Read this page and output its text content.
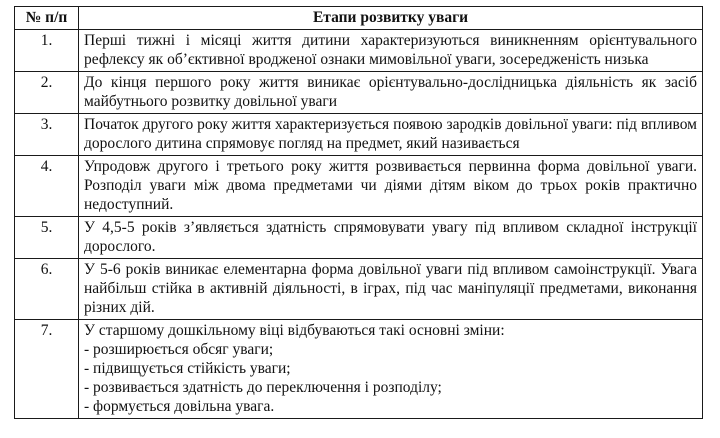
№ п/п	Етапи розвитку уваги
1.	Перші тижні і місяці життя дитини характеризуються виникненням орієнтувального рефлексу як об’єктивної вродженої ознаки мимовільної уваги, зосередженість низька
2.	До кінця першого року життя виникає орієнтувально-дослідницька діяльність як засіб майбутнього розвитку довільної уваги
3.	Початок другого року життя характеризується появою зародків довільної уваги: під впливом дорослого дитина спрямовує погляд на предмет, який називається
4.	Упродовж другого і третього року життя розвивається первинна форма довільної уваги. Розподіл уваги між двома предметами чи діями дітям віком до трьох років практично недоступний.
5.	У 4,5-5 років з’являється здатність спрямовувати увагу під впливом складної інструкції дорослого.
6.	У 5-6 років виникає елементарна форма довільної уваги під впливом самоінструкції. Увага найбільш стійка в активній діяльності, в іграх, під час маніпуляції предметами, виконання різних дій.
7.	У старшому дошкільному віці відбуваються такі основні зміни:
- розширюється обсяг уваги;
- підвищується стійкість уваги;
- розвивається здатність до переключення і розподілу;
- формується довільна увага.
